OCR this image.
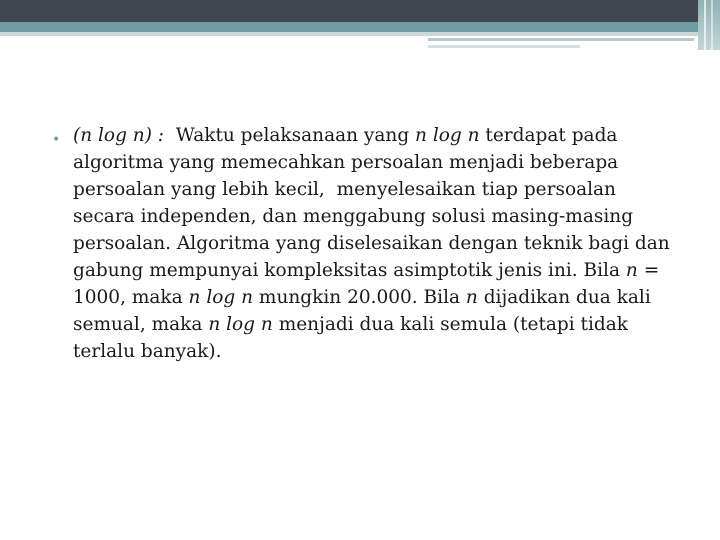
• (n log n) :  Waktu pelaksanaan yang n log n terdapat pada algoritma yang memecahkan persoalan menjadi beberapa persoalan yang lebih kecil,  menyelesaikan tiap persoalan secara independen, dan menggabung solusi masing-masing persoalan. Algoritma yang diselesaikan dengan teknik bagi dan gabung mempunyai kompleksitas asimptotik jenis ini. Bila n = 1000, maka n log n mungkin 20.000. Bila n dijadikan dua kali semual, maka n log n menjadi dua kali semula (tetapi tidak terlalu banyak).
